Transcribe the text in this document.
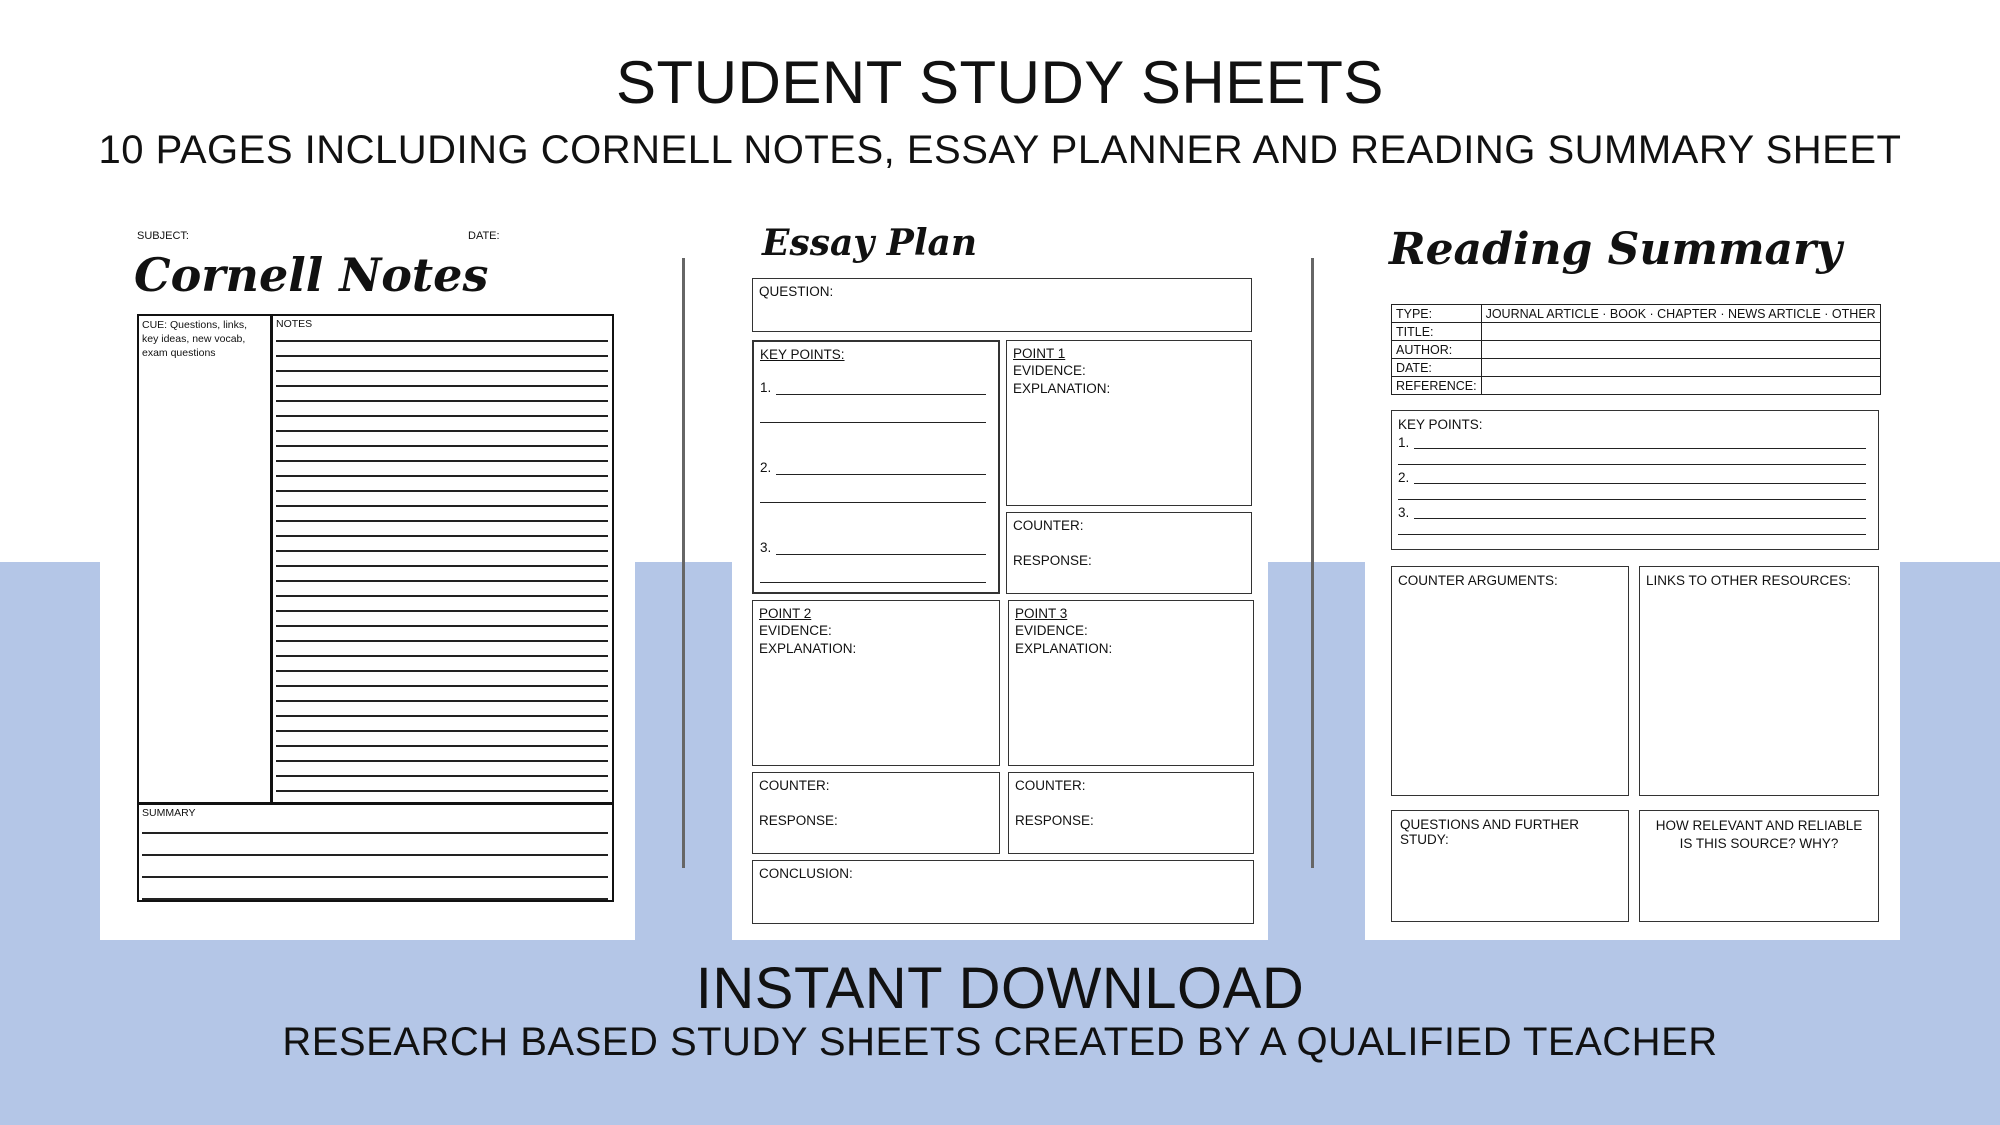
STUDENT STUDY SHEETS
10 PAGES INCLUDING CORNELL NOTES, ESSAY PLANNER AND READING SUMMARY SHEET
INSTANT DOWNLOAD
RESEARCH BASED STUDY SHEETS CREATED BY A QUALIFIED TEACHER
SUBJECT:	DATE:
Cornell Notes
CUE: Questions, links, key ideas, new vocab, exam questions
NOTES
SUMMARY
Essay Plan
QUESTION:
KEY POINTS:
1.
2.
3.
POINT 1
EVIDENCE:
EXPLANATION:
COUNTER:
RESPONSE:
POINT 2
EVIDENCE:
EXPLANATION:
POINT 3
EVIDENCE:
EXPLANATION:
COUNTER:
RESPONSE:
COUNTER:
RESPONSE:
CONCLUSION:
Reading Summary
TYPE:	JOURNAL ARTICLE · BOOK · CHAPTER · NEWS ARTICLE · OTHER
TITLE:	
AUTHOR:	
DATE:	
REFERENCE:	
KEY POINTS:
1.
2.
3.
COUNTER ARGUMENTS:	LINKS TO OTHER RESOURCES:
QUESTIONS AND FURTHER STUDY:
HOW RELEVANT AND RELIABLE IS THIS SOURCE? WHY?
